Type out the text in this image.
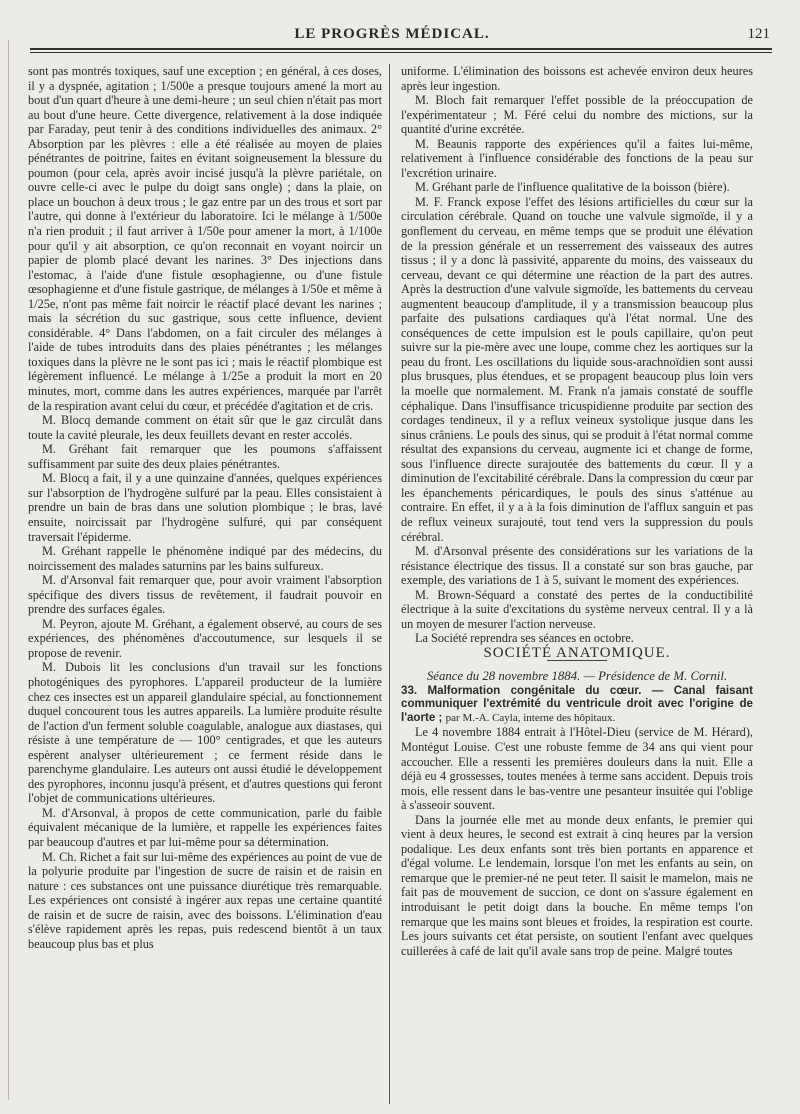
LE PROGRÈS MÉDICAL.	121

sont pas montrés toxiques, sauf une exception ; en général, à ces doses, il y a dyspnée, agitation ; 1/500e a presque toujours amené la mort au bout d'un quart d'heure à une demi-heure ; un seul chien n'était pas mort au bout d'une heure. Cette divergence, relativement à la dose indiquée par Faraday, peut tenir à des conditions individuelles des animaux. 2° Absorption par les plèvres : elle a été réalisée au moyen de plaies pénétrantes de poitrine, faites en évitant soigneusement la blessure du poumon (pour cela, après avoir incisé jusqu'à la plèvre pariétale, on ouvre celle-ci avec le pulpe du doigt sans ongle) ; dans la plaie, on place un bouchon à deux trous ; le gaz entre par un des trous et sort par l'autre, qui donne à l'extérieur du laboratoire. Ici le mélange à 1/500e n'a rien produit ; il faut arriver à 1/50e pour amener la mort, à 1/100e pour qu'il y ait absorption, ce qu'on reconnait en voyant noircir un papier de plomb placé devant les narines. 3° Des injections dans l'estomac, à l'aide d'une fistule œsophagienne, ou d'une fistule œsophagienne et d'une fistule gastrique, de mélanges à 1/50e et même à 1/25e, n'ont pas même fait noircir le réactif placé devant les narines ; mais la sécrétion du suc gastrique, sous cette influence, devient considérable. 4° Dans l'abdomen, on a fait circuler des mélanges à l'aide de tubes introduits dans des plaies pénétrantes ; les mélanges toxiques dans la plèvre ne le sont pas ici ; mais le réactif plombique est légèrement influencé. Le mélange à 1/25e a produit la mort en 20 minutes, mort, comme dans les autres expériences, marquée par l'arrêt de la respiration avant celui du cœur, et précédée d'agitation et de cris.

M. Blocq demande comment on était sûr que le gaz circulât dans toute la cavité pleurale, les deux feuillets devant en rester accolés.

M. Gréhant fait remarquer que les poumons s'affaissent suffisamment par suite des deux plaies pénétrantes.

M. Blocq a fait, il y a une quinzaine d'années, quelques expériences sur l'absorption de l'hydrogène sulfuré par la peau. Elles consistaient à prendre un bain de bras dans une solution plombique ; le bras, lavé ensuite, noircissait par l'hydrogène sulfuré, qui par conséquent traversait l'épiderme.

M. Gréhant rappelle le phénomène indiqué par des médecins, du noircissement des malades saturnins par les bains sulfureux.

M. d'Arsonval fait remarquer que, pour avoir vraiment l'absorption spécifique des divers tissus de revêtement, il faudrait pouvoir en prendre des surfaces égales.

M. Peyron, ajoute M. Gréhant, a également observé, au cours de ses expériences, des phénomènes d'accoutumence, sur lesquels il se propose de revenir.

M. Dubois lit les conclusions d'un travail sur les fonctions photogéniques des pyrophores. L'appareil producteur de la lumière chez ces insectes est un appareil glandulaire spécial, au fonctionnement duquel concourent tous les autres appareils. La lumière produite résulte de l'action d'un ferment soluble coagulable, analogue aux diastases, qui résiste à une température de — 100° centigrades, et que les auteurs espèrent analyser ultérieurement ; ce ferment réside dans le parenchyme glandulaire. Les auteurs ont aussi étudié le développement des pyrophores, inconnu jusqu'à présent, et d'autres questions qui feront l'objet de communications ultérieures.

M. d'Arsonval, à propos de cette communication, parle du faible équivalent mécanique de la lumière, et rappelle les expériences faites par beaucoup d'autres et par lui-même pour sa détermination.

M. Ch. Richet a fait sur lui-même des expériences au point de vue de la polyurie produite par l'ingestion de sucre de raisin et de raisin en nature : ces substances ont une puissance diurétique très remarquable. Les expériences ont consisté à ingérer aux repas une certaine quantité de raisin et de sucre de raisin, avec des boissons. L'élimination d'eau s'élève rapidement après les repas, puis redescend bientôt à un taux beaucoup plus bas et plus

uniforme. L'élimination des boissons est achevée environ deux heures après leur ingestion.

M. Bloch fait remarquer l'effet possible de la préoccupation de l'expérimentateur ; M. Féré celui du nombre des mictions, sur la quantité d'urine excrétée.

M. Beaunis rapporte des expériences qu'il a faites lui-même, relativement à l'influence considérable des fonctions de la peau sur l'excrétion urinaire.

M. Gréhant parle de l'influence qualitative de la boisson (bière).

M. F. Franck expose l'effet des lésions artificielles du cœur sur la circulation cérébrale. Quand on touche une valvule sigmoïde, il y a gonflement du cerveau, en même temps que se produit une élévation de la pression générale et un resserrement des vaisseaux des autres tissus ; il y a donc là passivité, apparente du moins, des vaisseaux du cerveau, devant ce qui détermine une réaction de la part des autres. Après la destruction d'une valvule sigmoïde, les battements du cerveau augmentent beaucoup d'amplitude, il y a transmission beaucoup plus parfaite des pulsations cardiaques qu'à l'état normal. Une des conséquences de cette impulsion est le pouls capillaire, qu'on peut suivre sur la pie-mère avec une loupe, comme chez les aortiques sur la peau du front. Les oscillations du liquide sous-arachnoïdien sont aussi plus brusques, plus étendues, et se propagent beaucoup plus loin vers la moelle que normalement. M. Frank n'a jamais constaté de souffle céphalique. Dans l'insuffisance tricuspidienne produite par section des cordages tendineux, il y a reflux veineux systolique jusque dans les sinus crâniens. Le pouls des sinus, qui se produit à l'état normal comme résultat des expansions du cerveau, augmente ici et change de forme, sous l'influence directe surajoutée des battements du cœur. Il y a diminution de l'excitabilité cérébrale. Dans la compression du cœur par les épanchements péricardiques, le pouls des sinus s'atténue au contraire. En effet, il y a à la fois diminution de l'afflux sanguin et pas de reflux veineux surajouté, tout tend vers la suppression du pouls cérébral.

M. d'Arsonval présente des considérations sur les variations de la résistance électrique des tissus. Il a constaté sur son bras gauche, par exemple, des variations de 1 à 5, suivant le moment des expériences.

M. Brown-Séquard a constaté des pertes de la conductibilité électrique à la suite d'excitations du système nerveux central. Il y a là un moyen de mesurer l'action nerveuse.

La Société reprendra ses séances en octobre.

SOCIÉTÉ ANATOMIQUE.

Séance du 28 novembre 1884. — Présidence de M. Cornil.

33. Malformation congénitale du cœur. — Canal faisant communiquer l'extrémité du ventricule droit avec l'origine de l'aorte ; par M.-A. Cayla, interne des hôpitaux.

Le 4 novembre 1884 entrait à l'Hôtel-Dieu (service de M. Hérard), Montégut Louise. C'est une robuste femme de 34 ans qui vient pour accoucher. Elle a ressenti les premières douleurs dans la nuit. Elle a déjà eu 4 grossesses, toutes menées à terme sans accident. Depuis trois mois, elle ressent dans le bas-ventre une pesanteur insuitée qui l'oblige à s'asseoir souvent.

Dans la journée elle met au monde deux enfants, le premier qui vient à deux heures, le second est extrait à cinq heures par la version podalique. Les deux enfants sont très bien portants en apparence et d'égal volume. Le lendemain, lorsque l'on met les enfants au sein, on remarque que le premier-né ne peut teter. Il saisit le mamelon, mais ne fait pas de mouvement de succion, ce dont on s'assure également en introduisant le petit doigt dans la bouche. En même temps l'on remarque que les mains sont bleues et froides, la respiration est courte. Les jours suivants cet état persiste, on soutient l'enfant avec quelques cuillerées à café de lait qu'il avale sans trop de peine. Malgré toutes
